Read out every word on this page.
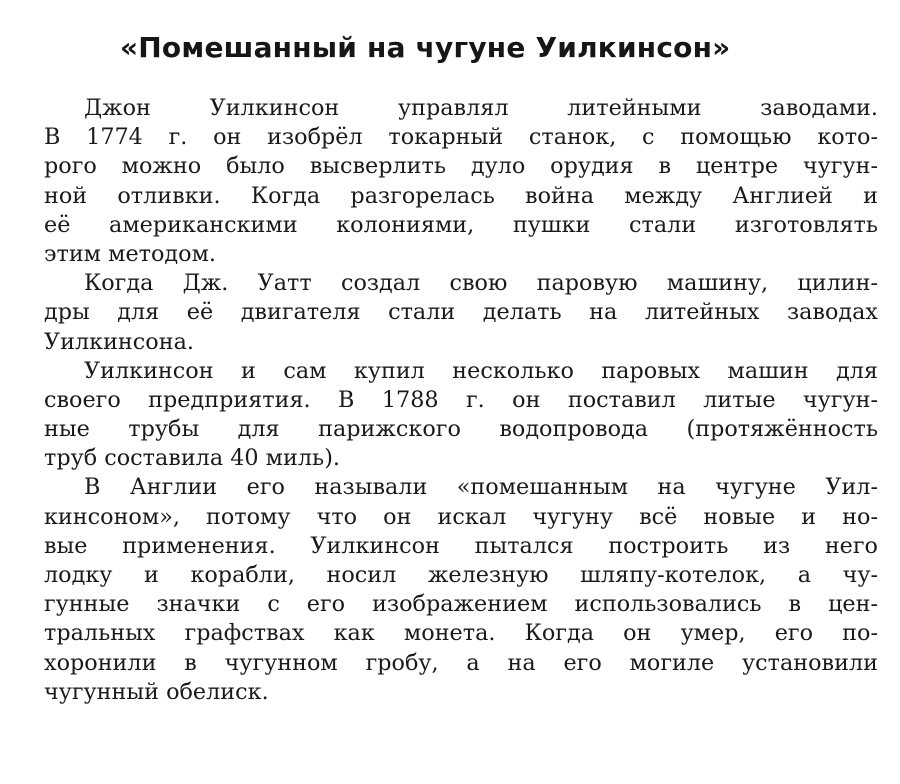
«Помешанный на чугуне Уилкинсон»
Джон Уилкинсон управлял литейными заводами.
В 1774 г. он изобрёл токарный станок, с помощью кото-
рого можно было высверлить дуло орудия в центре чугун-
ной отливки. Когда разгорелась война между Англией и
её американскими колониями, пушки стали изготовлять
этим методом.
Когда Дж. Уатт создал свою паровую машину, цилин-
дры для её двигателя стали делать на литейных заводах
Уилкинсона.
Уилкинсон и сам купил несколько паровых машин для
своего предприятия. В 1788 г. он поставил литые чугун-
ные трубы для парижского водопровода (протяжённость
труб составила 40 миль).
В Англии его называли «помешанным на чугуне Уил-
кинсоном», потому что он искал чугуну всё новые и но-
вые применения. Уилкинсон пытался построить из него
лодку и корабли, носил железную шляпу-котелок, а чу-
гунные значки с его изображением использовались в цен-
тральных графствах как монета. Когда он умер, его по-
хоронили в чугунном гробу, а на его могиле установили
чугунный обелиск.
